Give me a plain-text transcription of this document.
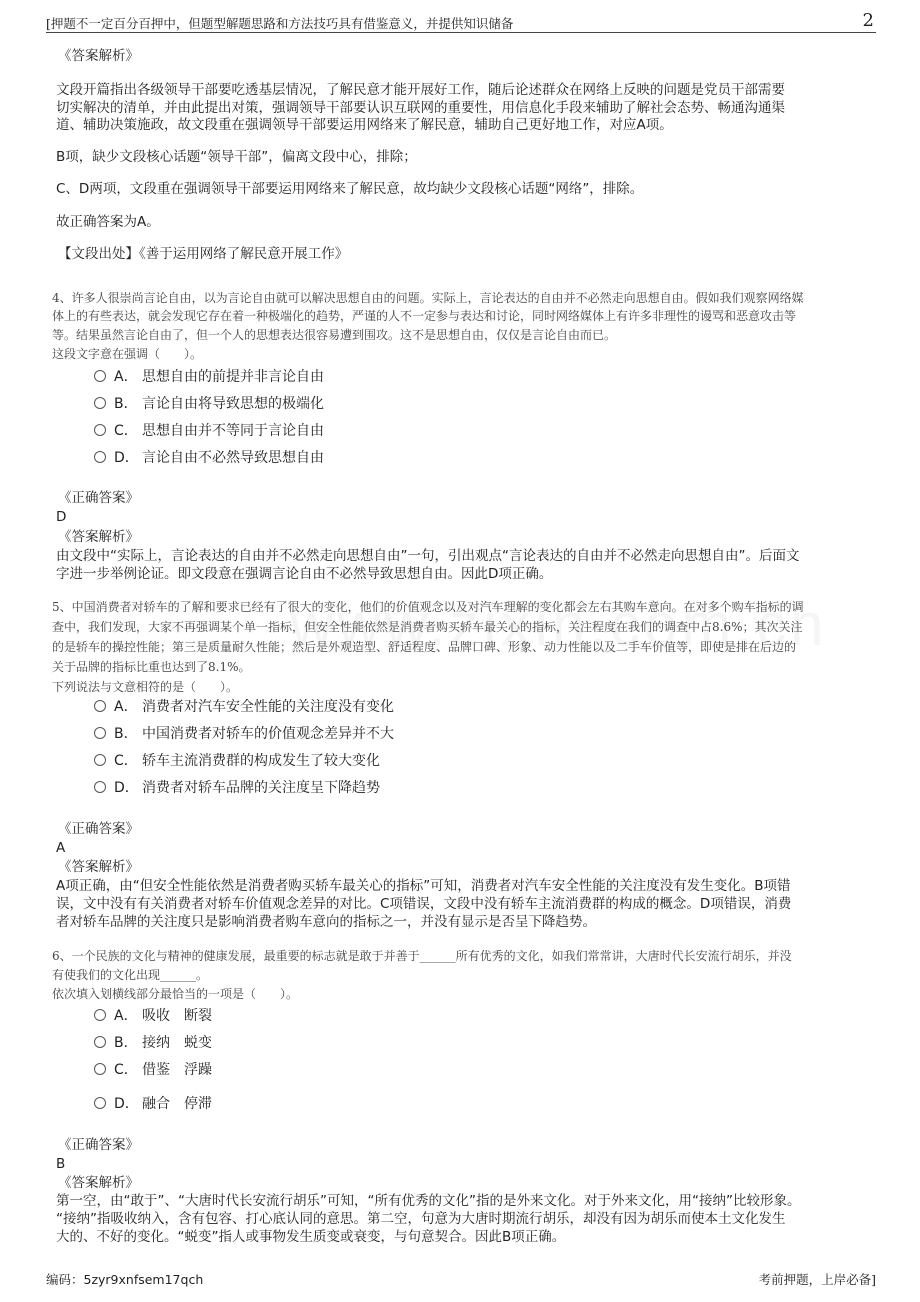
[押题不一定百分百押中，但题型解题思路和方法技巧具有借鉴意义，并提供知识储备	2
《答案解析》
文段开篇指出各级领导干部要吃透基层情况，了解民意才能开展好工作，随后论述群众在网络上反映的问题是党员干部需要
切实解决的清单，并由此提出对策，强调领导干部要认识互联网的重要性，用信息化手段来辅助了解社会态势、畅通沟通渠
道、辅助决策施政，故文段重在强调领导干部要运用网络来了解民意，辅助自己更好地工作，对应A项。
B项，缺少文段核心话题“领导干部”，偏离文段中心，排除；
C、D两项，文段重在强调领导干部要运用网络来了解民意，故均缺少文段核心话题“网络”，排除。
故正确答案为A。
【文段出处】《善于运用网络了解民意开展工作》
4、许多人很崇尚言论自由，以为言论自由就可以解决思想自由的问题。实际上，言论表达的自由并不必然走向思想自由。假如我们观察网络媒
体上的有些表达，就会发现它存在着一种极端化的趋势，严谨的人不一定参与表达和讨论，同时网络媒体上有许多非理性的谩骂和恶意攻击等
等。结果虽然言论自由了，但一个人的思想表达很容易遭到围攻。这不是思想自由，仅仅是言论自由而已。
这段文字意在强调（　　）。
A． 思想自由的前提并非言论自由
B． 言论自由将导致思想的极端化
C． 思想自由并不等同于言论自由
D． 言论自由不必然导致思想自由
《正确答案》
D
《答案解析》
由文段中“实际上，言论表达的自由并不必然走向思想自由”一句，引出观点“言论表达的自由并不必然走向思想自由”。后面文
字进一步举例论证。即文段意在强调言论自由不必然导致思想自由。因此D项正确。
5、中国消费者对轿车的了解和要求已经有了很大的变化，他们的价值观念以及对汽车理解的变化都会左右其购车意向。在对多个购车指标的调
查中，我们发现，大家不再强调某个单一指标，但安全性能依然是消费者购买轿车最关心的指标，关注程度在我们的调查中占8.6%；其次关注
的是轿车的操控性能；第三是质量耐久性能；然后是外观造型、舒适程度、品牌口碑、形象、动力性能以及二手车价值等，即使是排在后边的
关于品牌的指标比重也达到了8.1%。
下列说法与文意相符的是（　　）。
A． 消费者对汽车安全性能的关注度没有变化
B． 中国消费者对轿车的价值观念差异并不大
C． 轿车主流消费群的构成发生了较大变化
D． 消费者对轿车品牌的关注度呈下降趋势
《正确答案》
A
《答案解析》
A项正确，由“但安全性能依然是消费者购买轿车最关心的指标”可知，消费者对汽车安全性能的关注度没有发生变化。B项错
误，文中没有有关消费者对轿车价值观念差异的对比。C项错误，文段中没有轿车主流消费群的构成的概念。D项错误，消费
者对轿车品牌的关注度只是影响消费者购车意向的指标之一，并没有显示是否呈下降趋势。
6、一个民族的文化与精神的健康发展，最重要的标志就是敢于并善于______所有优秀的文化，如我们常常讲，大唐时代长安流行胡乐，并没
有使我们的文化出现______。
依次填入划横线部分最恰当的一项是（　　）。
A． 吸收　断裂
B． 接纳　蜕变
C． 借鉴　浮躁
D． 融合　停滞
《正确答案》
B
《答案解析》
第一空，由“敢于”、“大唐时代长安流行胡乐”可知，“所有优秀的文化”指的是外来文化。对于外来文化，用“接纳”比较形象。
“接纳”指吸收纳入，含有包容、打心底认同的意思。第二空，句意为大唐时期流行胡乐，却没有因为胡乐而使本土文化发生
大的、不好的变化。“蜕变”指人或事物发生质变或衰变，与句意契合。因此B项正确。
编码：5zyr9xnfsem17qch	考前押题，上岸必备]
